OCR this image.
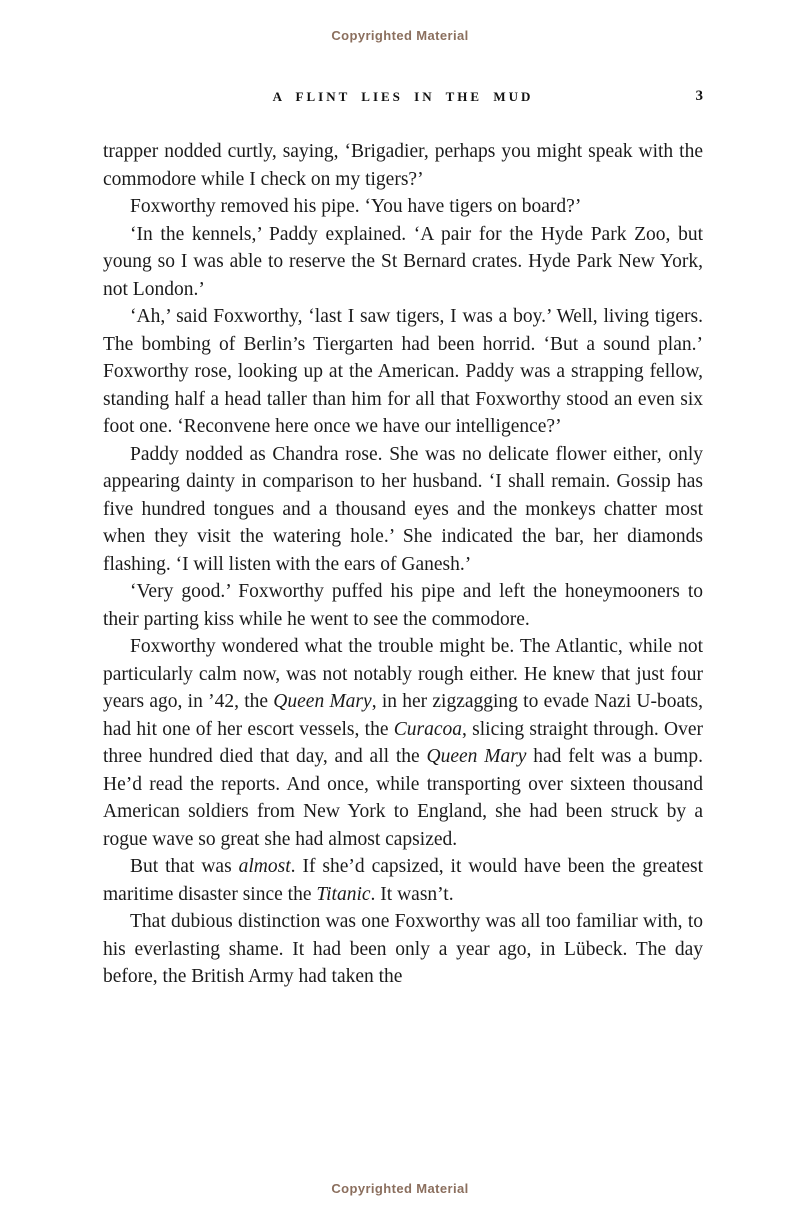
Copyrighted Material
A FLINT LIES IN THE MUD	3

trapper nodded curtly, saying, ‘Brigadier, perhaps you might speak with the commodore while I check on my tigers?’

Foxworthy removed his pipe. ‘You have tigers on board?’

‘In the kennels,’ Paddy explained. ‘A pair for the Hyde Park Zoo, but young so I was able to reserve the St Bernard crates. Hyde Park New York, not London.’

‘Ah,’ said Foxworthy, ‘last I saw tigers, I was a boy.’ Well, living tigers. The bombing of Berlin’s Tiergarten had been horrid. ‘But a sound plan.’ Foxworthy rose, looking up at the American. Paddy was a strapping fellow, standing half a head taller than him for all that Foxworthy stood an even six foot one. ‘Reconvene here once we have our intelligence?’

Paddy nodded as Chandra rose. She was no delicate flower either, only appearing dainty in comparison to her husband. ‘I shall remain. Gossip has five hundred tongues and a thousand eyes and the monkeys chatter most when they visit the watering hole.’ She indicated the bar, her diamonds flashing. ‘I will listen with the ears of Ganesh.’

‘Very good.’ Foxworthy puffed his pipe and left the honeymooners to their parting kiss while he went to see the commodore.

Foxworthy wondered what the trouble might be. The Atlantic, while not particularly calm now, was not notably rough either. He knew that just four years ago, in ’42, the Queen Mary, in her zigzagging to evade Nazi U-boats, had hit one of her escort vessels, the Curacoa, slicing straight through. Over three hundred died that day, and all the Queen Mary had felt was a bump. He’d read the reports. And once, while transporting over sixteen thousand American soldiers from New York to England, she had been struck by a rogue wave so great she had almost capsized.

But that was almost. If she’d capsized, it would have been the greatest maritime disaster since the Titanic. It wasn’t.

That dubious distinction was one Foxworthy was all too familiar with, to his everlasting shame. It had been only a year ago, in Lübeck. The day before, the British Army had taken the

Copyrighted Material
